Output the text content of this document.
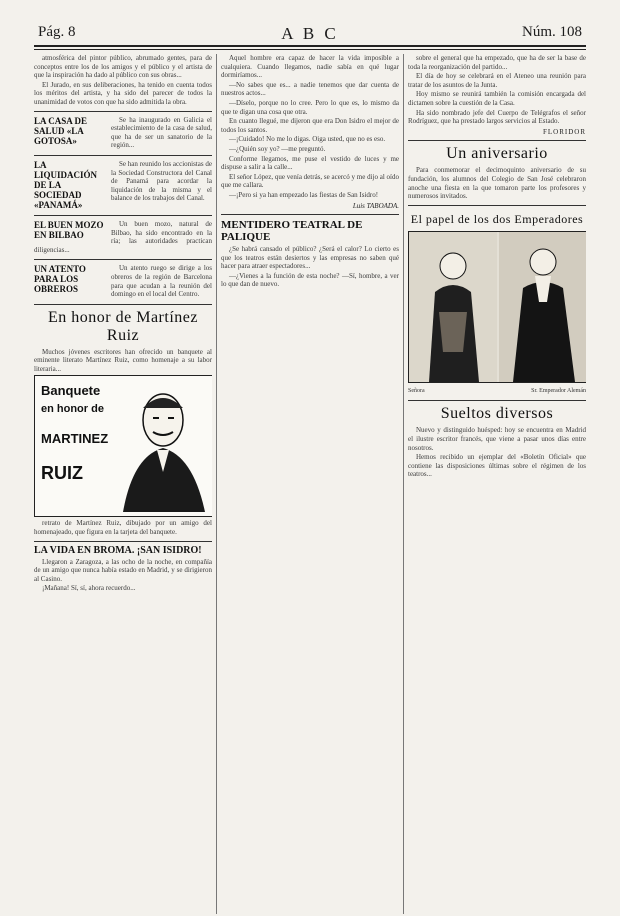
Pág. 8	A B C	Núm. 108

atmosférica del pintor público, abrumado gentes, para de conceptos entre los de los amigos y el público y el artista de que la inspiración ha dado al público con sus obras...

El Jurado, en sus deliberaciones, ha tenido en cuenta todos los méritos del artista, y ha sido del parecer de todos la unanimidad de votos con que ha sido admitida la obra.

LA CASA DE SALUD «LA GOTOSA»

Se ha inaugurado en Galicia el establecimiento de la casa de salud, que ha de ser un sanatorio de la región...

LA LIQUIDACIÓN DE LA SOCIEDAD «PANAMÁ»

Se han reunido los accionistas de la Sociedad Constructora del Canal de Panamá para acordar la liquidación de la misma y el balance de los trabajos del Canal.

EL BUEN MOZO EN BILBAO

Un buen mozo, natural de Bilbao, ha sido encontrado en la ría; las autoridades practican diligencias...

UN ATENTO PARA LOS OBREROS

Un atento ruego se dirige a los obreros de la región de Barcelona para que acudan a la reunión del domingo en el local del Centro.

En honor de Martínez Ruiz

Muchos jóvenes escritores han ofrecido un banquete al eminente literato Martínez Ruiz, como homenaje a su labor literaria...

Banquete
en honor de
MARTINEZ
RUIZ

retrato de Martínez Ruiz, dibujado por un amigo del homenajeado, que figura en la tarjeta del banquete.

LA VIDA EN BROMA. ¡SAN ISIDRO!

Llegaron a Zaragoza, a las ocho de la noche, en compañía de un amigo que nunca había estado en Madrid, y se dirigieron al Casino.

¡Mañana! Sí, sí, ahora recuerdo...

Aquel hombre era capaz de hacer la vida imposible a cualquiera. Cuando llegamos, nadie sabía en qué lugar dormiríamos...

—No sabes que es... a nadie tenemos que dar cuenta de nuestros actos...

—Díselo, porque no lo cree. Pero lo que es, lo mismo da que te digan una cosa que otra.

En cuanto llegué, me dijeron que era Don Isidro el mejor de todos los santos.

—¡Cuidado! No me lo digas. Oiga usted, que no es eso.

—¿Quién soy yo? —me preguntó.

Conforme llegamos, me puse el vestido de luces y me dispuse a salir a la calle...

El señor López, que venía detrás, se acercó y me dijo al oído que me callara.

—¡Pero si ya han empezado las fiestas de San Isidro!

Luis TABOADA.
MENTIDERO TEATRAL DE PALIQUE

¿Se habrá cansado el público? ¿Será el calor? Lo cierto es que los teatros están desiertos y las empresas no saben qué hacer para atraer espectadores...

—¿Vienes a la función de esta noche? —Sí, hombre, a ver lo que dan de nuevo.

sobre el general que ha empezado, que ha de ser la base de toda la reorganización del partido...

El día de hoy se celebrará en el Ateneo una reunión para tratar de los asuntos de la Junta.

Hoy mismo se reunirá también la comisión encargada del dictamen sobre la cuestión de la Casa.

Ha sido nombrado jefe del Cuerpo de Telégrafos el señor Rodríguez, que ha prestado largos servicios al Estado.

FLORIDOR
Un aniversario

Para conmemorar el decimoquinto aniversario de su fundación, los alumnos del Colegio de San José celebraron anoche una fiesta en la que tomaron parte los profesores y numerosos invitados.

El papel de los dos Emperadores
Señora	Sr. Emperador Alemán
Sueltos diversos

Nuevo y distinguido huésped: hoy se encuentra en Madrid el ilustre escritor francés, que viene a pasar unos días entre nosotros.

Hemos recibido un ejemplar del «Boletín Oficial» que contiene las disposiciones últimas sobre el régimen de los teatros...
